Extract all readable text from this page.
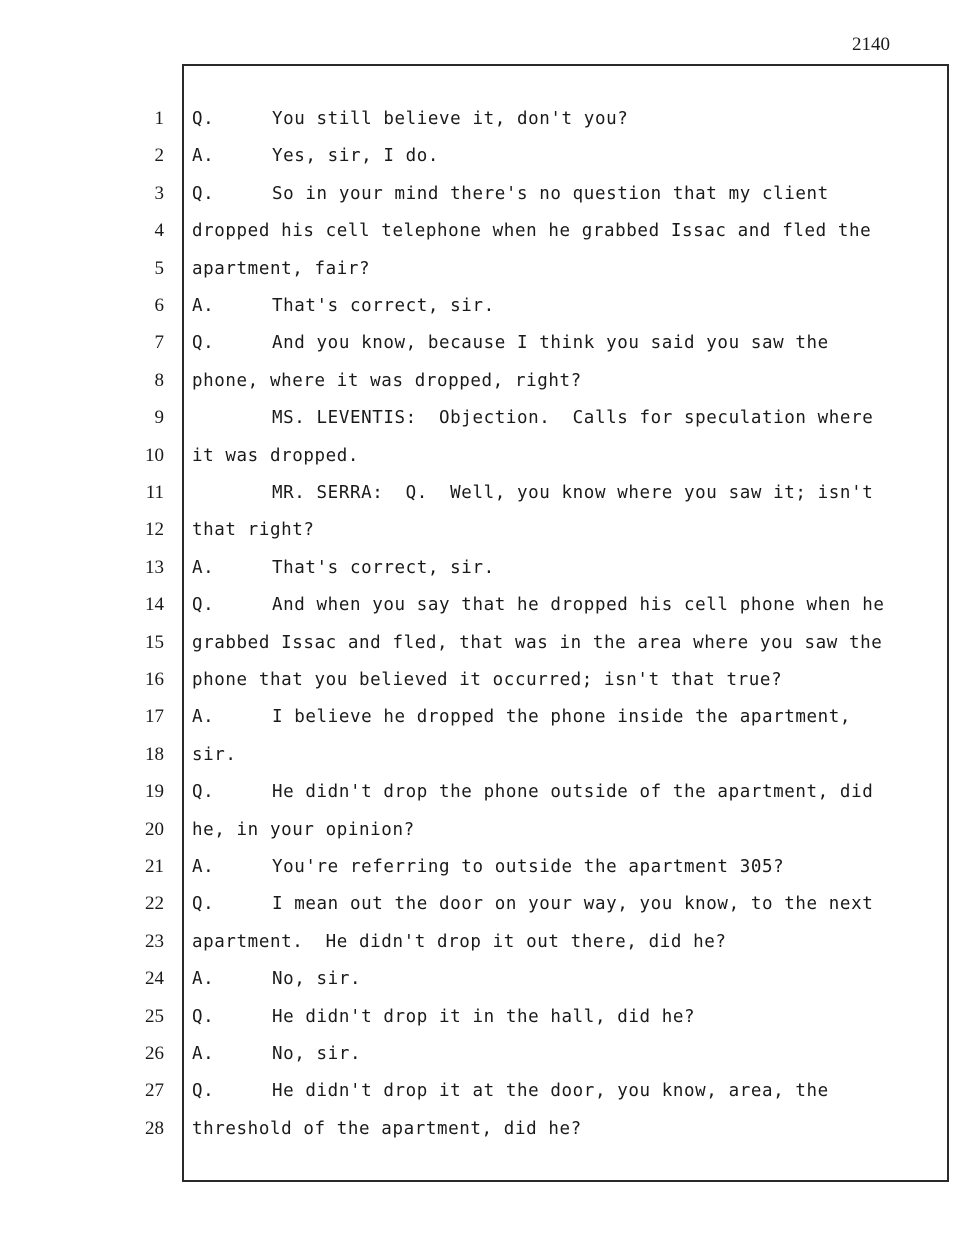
2140
1 Q.	You still believe it, don't you?
2 A.	Yes, sir, I do.
3 Q.	So in your mind there's no question that my client
4 dropped his cell telephone when he grabbed Issac and fled the
5 apartment, fair?
6 A.	That's correct, sir.
7 Q.	And you know, because I think you said you saw the
8 phone, where it was dropped, right?
9	MS. LEVENTIS:  Objection.  Calls for speculation where
10 it was dropped.
11	MR. SERRA:  Q.  Well, you know where you saw it; isn't
12 that right?
13 A.	That's correct, sir.
14 Q.	And when you say that he dropped his cell phone when he
15 grabbed Issac and fled, that was in the area where you saw the
16 phone that you believed it occurred; isn't that true?
17 A.	I believe he dropped the phone inside the apartment,
18 sir.
19 Q.	He didn't drop the phone outside of the apartment, did
20 he, in your opinion?
21 A.	You're referring to outside the apartment 305?
22 Q.	I mean out the door on your way, you know, to the next
23 apartment.  He didn't drop it out there, did he?
24 A.	No, sir.
25 Q.	He didn't drop it in the hall, did he?
26 A.	No, sir.
27 Q.	He didn't drop it at the door, you know, area, the
28 threshold of the apartment, did he?
